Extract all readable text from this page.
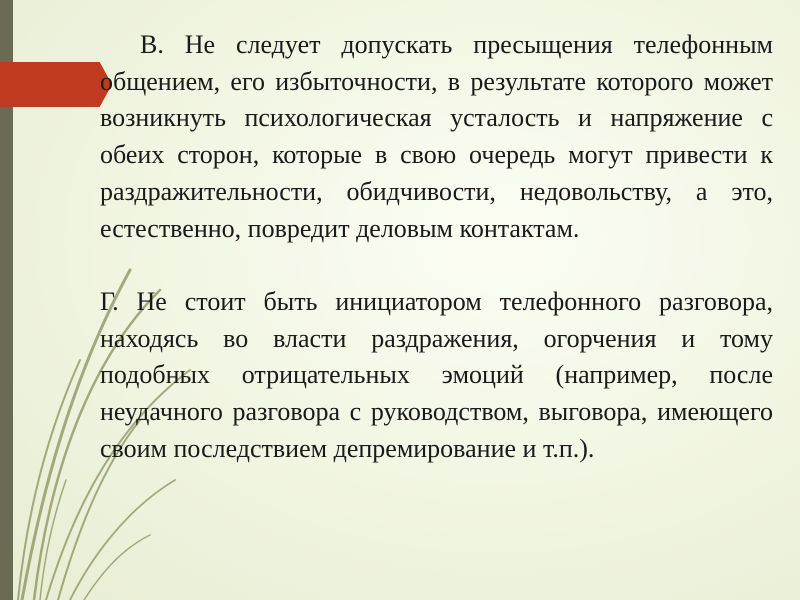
В. Не следует допускать пресыщения телефонным общением, его избыточности, в результате которого может возникнуть психологическая усталость и напряжение с обеих сторон, которые в свою очередь могут привести к раздражительности, обидчивости, недовольству, а это, естественно, повредит деловым контактам.

Г. Не стоит быть инициатором телефонного разговора, находясь во власти раздражения, огорчения и тому подобных отрицательных эмоций (например, после неудачного разговора с руководством, выговора, имеющего своим последствием депремирование и т.п.).
